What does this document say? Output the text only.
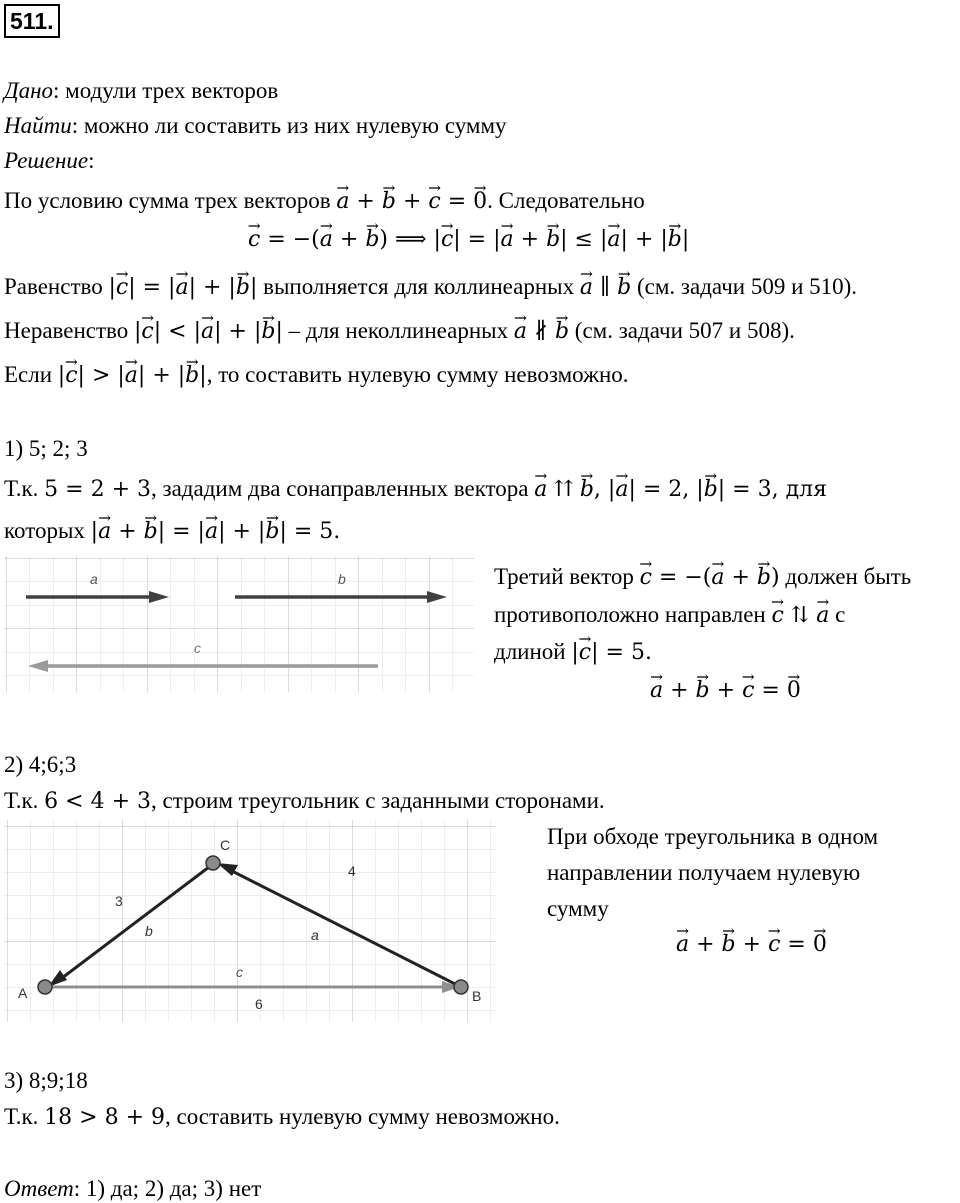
511.
Дано: модули трех векторов
Найти: можно ли составить из них нулевую сумму
Решение:
По условию сумма трех векторов → a + → b + → c = → 0. Следовательно
→ c = −(→ a + → b) ⟹ |→ c| = |→ a + → b| ≤ |→ a| + |→ b|
Равенство |→ c| = |→ a| + |→ b| выполняется для коллинеарных → a ∥ → b (см. задачи 509 и 510).
Неравенство |→ c| < |→ a| + |→ b| – для неколлинеарных → a ∦ → b (см. задачи 507 и 508).
Если |→ c| > |→ a| + |→ b|, то составить нулевую сумму невозможно.
1) 5; 2; 3
Т.к. 5 = 2 + 3, зададим два сонаправленных вектора → a ⇈ → b, |→ a| = 2, |→ b| = 3, для
которых |→ a + → b| = |→ a| + |→ b| = 5.
a	b
c
Третий вектор → c = −(→ a + → b) должен быть
противоположно направлен → c ⇅ → a с
длиной |→ c| = 5.
→ a + → b + → c = → 0
2) 4;6;3
Т.к. 6 < 4 + 3, строим треугольник с заданными сторонами.
A	B
C
3
4
6
b	a
c
При обходе треугольника в одном
направлении получаем нулевую
сумму
→ a + → b + → c = → 0
3) 8;9;18
Т.к. 18 > 8 + 9, составить нулевую сумму невозможно.
Ответ: 1) да; 2) да; 3) нет
